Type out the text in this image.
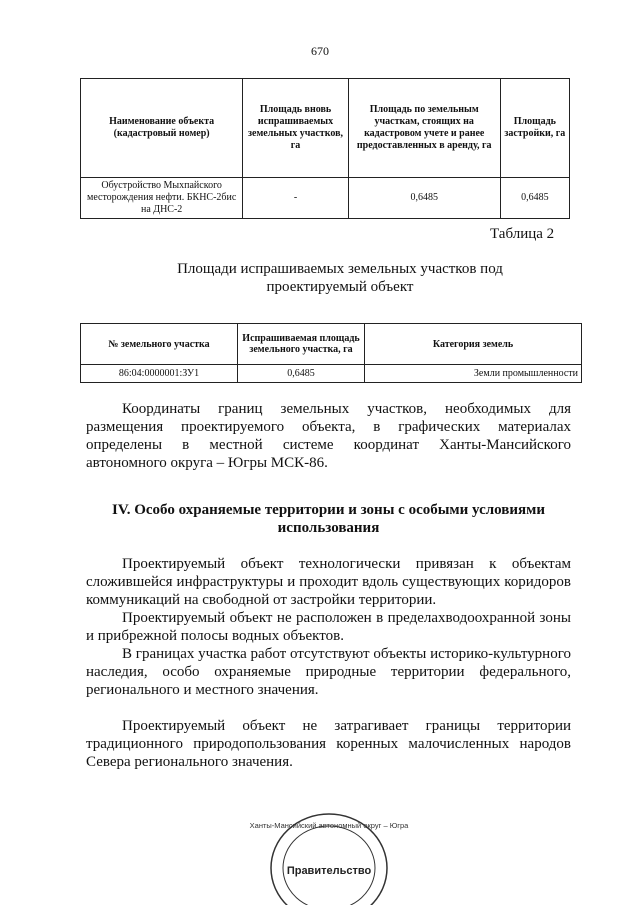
670
Наименование объекта (кадастровый номер)	Площадь вновь испрашиваемых земельных участков, га	Площадь по земельным участкам, стоящих на кадастровом учете и ранее предоставленных в аренду, га	Площадь застройки, га
Обустройство Мыхпайского месторождения нефти. БКНС-2бис на ДНС-2	-	0,6485	0,6485
Таблица 2
Площади испрашиваемых земельных участков под проектируемый объект
№ земельного участка	Испрашиваемая площадь земельного участка, га	Категория земель
86:04:0000001:ЗУ1	0,6485	Земли промышленности

Координаты границ земельных участков, необходимых для размещения проектируемого объекта, в графических материалах определены в местной системе координат Ханты-Мансийского автономного округа – Югры МСК-86.

IV. Особо охраняемые территории и зоны с особыми условиями использования

Проектируемый объект технологически привязан к объектам сложившейся инфраструктуры и проходит вдоль существующих коридоров коммуникаций на свободной от застройки территории.

Проектируемый объект не расположен в пределахводоохранной зоны и прибрежной полосы водных объектов.

В границах участка работ отсутствуют объекты историко-культурного наследия, особо охраняемые природные территории федерального, регионального и местного значения.

Проектируемый объект не затрагивает границы территории традиционного природопользования коренных малочисленных народов Севера регионального значения.

Ханты-Мансийский автономный округ – Югра
Правительство
